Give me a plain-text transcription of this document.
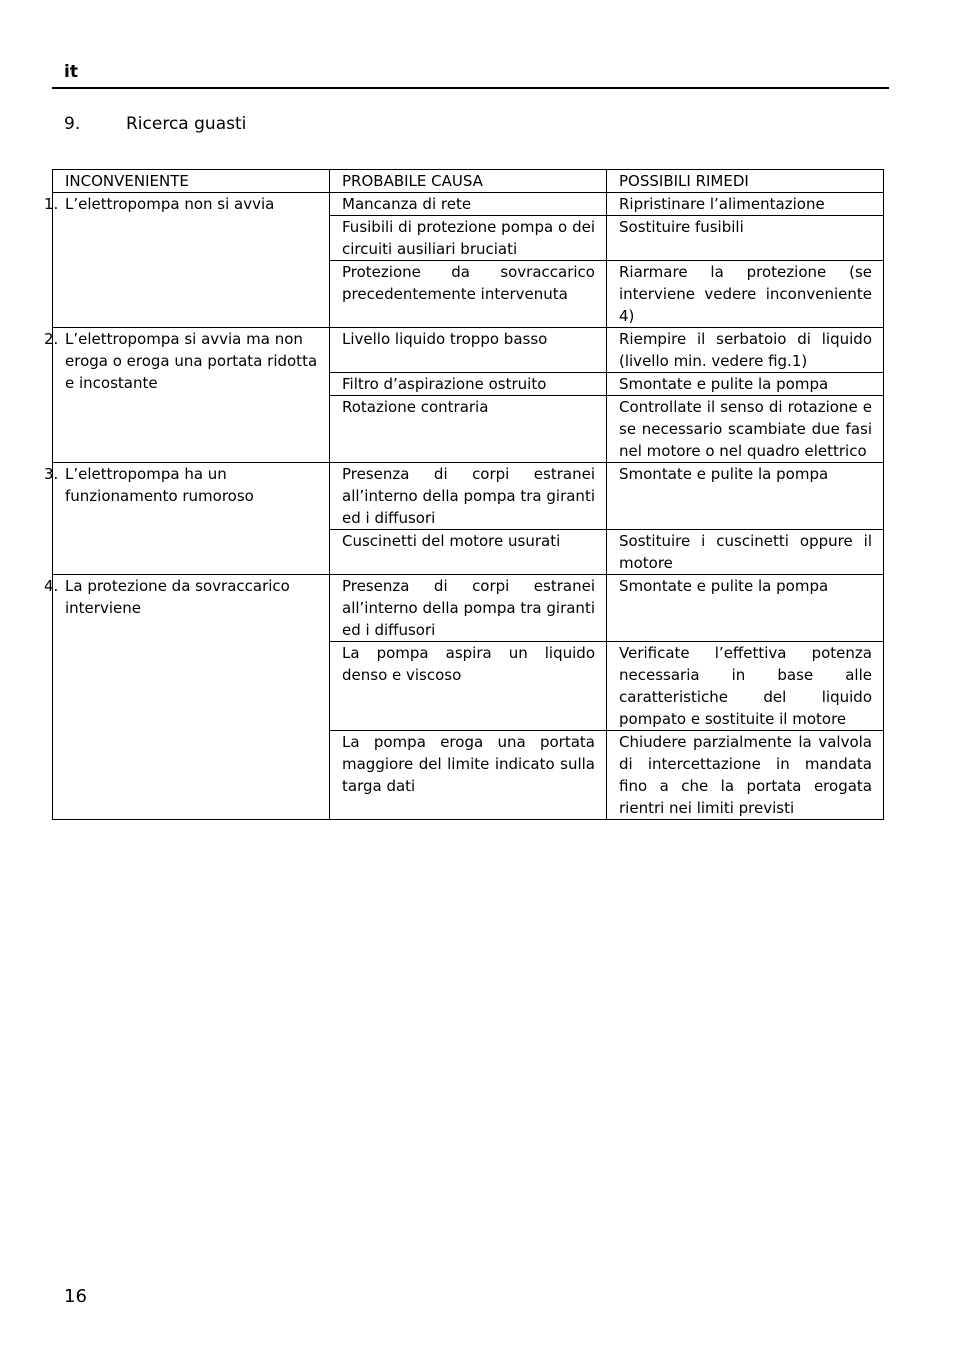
it
9.	Ricerca guasti
INCONVENIENTE	PROBABILE CAUSA	POSSIBILI RIMEDI
1. L’elettropompa non si avvia	Mancanza di rete	Ripristinare l’alimentazione
	Fusibili di protezione pompa o dei circuiti ausiliari bruciati	Sostituire fusibili
	Protezione da sovraccarico precedentemente intervenuta	Riarmare la protezione (se interviene vedere inconveniente 4)
2. L’elettropompa si avvia ma non eroga o eroga una portata ridotta e incostante	Livello liquido troppo basso	Riempire il serbatoio di liquido (livello min. vedere fig.1)
	Filtro d’aspirazione ostruito	Smontate e pulite la pompa
	Rotazione contraria	Controllate il senso di rotazione e se necessario scambiate due fasi nel motore o nel quadro elettrico
3. L’elettropompa ha un funzionamento rumoroso	Presenza di corpi estranei all’interno della pompa tra giranti ed i diffusori	Smontate e pulite la pompa
	Cuscinetti del motore usurati	Sostituire i cuscinetti oppure il motore
4. La protezione da sovraccarico interviene	Presenza di corpi estranei all’interno della pompa tra giranti ed i diffusori	Smontate e pulite la pompa
	La pompa aspira un liquido denso e viscoso	Verificate l’effettiva potenza necessaria in base alle caratteristiche del liquido pompato e sostituite il motore
	La pompa eroga una portata maggiore del limite indicato sulla targa dati	Chiudere parzialmente la valvola di intercettazione in mandata fino a che la portata erogata rientri nei limiti previsti
16
